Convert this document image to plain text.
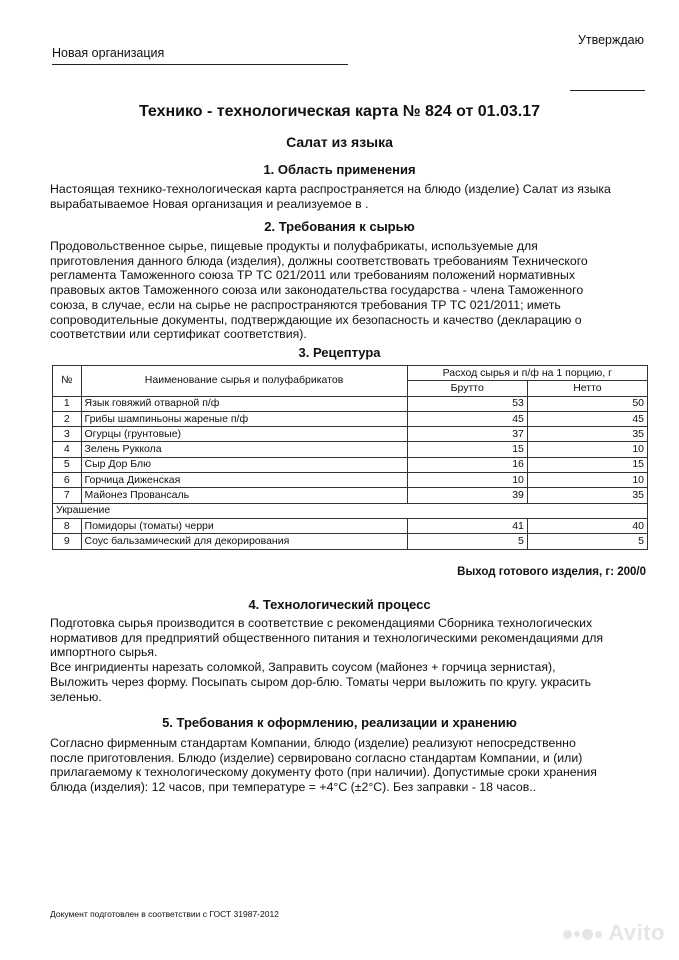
Новая организация
Утверждаю
Технико - технологическая карта № 824 от 01.03.17
Салат из языка
1. Область применения
Настоящая технико-технологическая карта распространяется на блюдо (изделие) Салат из языка
вырабатываемое Новая организация и реализуемое в .
2. Требования к сырью
Продовольственное сырье, пищевые продукты и полуфабрикаты, используемые для
приготовления данного блюда (изделия), должны соответствовать требованиям Технического
регламента Таможенного союза ТР ТС 021/2011 или требованиям положений нормативных
правовых актов Таможенного союза или законодательства государства - члена Таможенного
союза, в случае, если на сырье не распространяются требования ТР ТС 021/2011; иметь
сопроводительные документы, подтверждающие их безопасность и качество (декларацию о
соответствии или сертификат соответствия).
3. Рецептура
№	Наименование сырья и полуфабрикатов	Расход сырья и п/ф на 1 порцию, г	
		Брутто	Нетто
1	Язык говяжий отварной п/ф	53	50
2	Грибы шампиньоны жареные п/ф	45	45
3	Огурцы (грунтовые)	37	35
4	Зелень Руккола	15	10
5	Сыр Дор Блю	16	15
6	Горчица Диженская	10	10
7	Майонез Провансаль	39	35
Украшение			
8	Помидоры (томаты) черри	41	40
9	Соус бальзамический для декорирования	5	5
Выход готового изделия, г: 200/0
4. Технологический процесс
Подготовка сырья производится в соответствие с рекомендациями Сборника технологических
нормативов для предприятий общественного питания и технологическими рекомендациями для
импортного сырья.
Все ингридиенты нарезать соломкой, Заправить соусом (майонез + горчица зернистая),
Выложить через форму. Посыпать сыром дор-блю. Томаты черри выложить по кругу. украсить
зеленью.
5. Требования к оформлению, реализации и хранению
Согласно фирменным стандартам Компании, блюдо (изделие) реализуют непосредственно
после приготовления. Блюдо (изделие) сервировано согласно стандартам Компании, и (или)
прилагаемому к технологическому документу фото (при наличии). Допустимые сроки хранения
блюда (изделия): 12 часов, при температуре = +4°С (±2°С). Без заправки - 18 часов..
Документ подготовлен в соответствии с ГОСТ 31987-2012
Avito
